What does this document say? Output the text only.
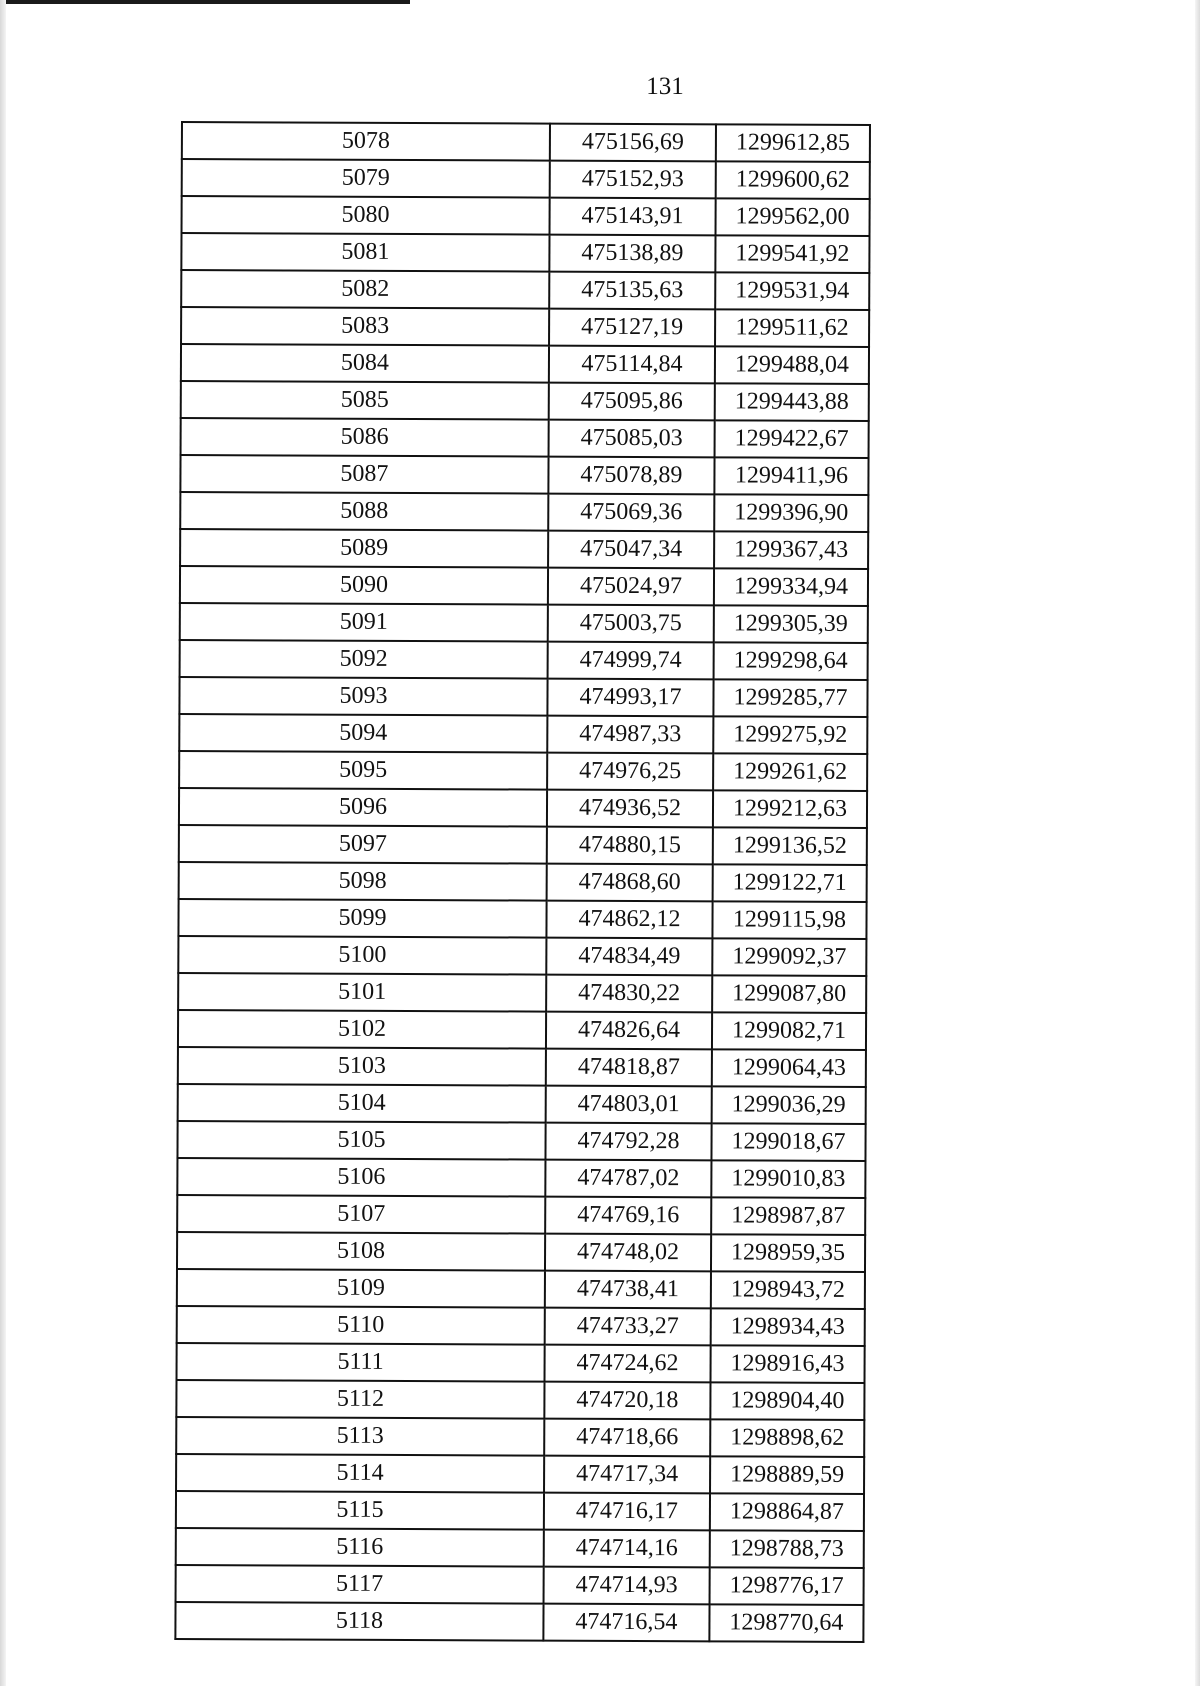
131
5078	475156,69	1299612,85
5079	475152,93	1299600,62
5080	475143,91	1299562,00
5081	475138,89	1299541,92
5082	475135,63	1299531,94
5083	475127,19	1299511,62
5084	475114,84	1299488,04
5085	475095,86	1299443,88
5086	475085,03	1299422,67
5087	475078,89	1299411,96
5088	475069,36	1299396,90
5089	475047,34	1299367,43
5090	475024,97	1299334,94
5091	475003,75	1299305,39
5092	474999,74	1299298,64
5093	474993,17	1299285,77
5094	474987,33	1299275,92
5095	474976,25	1299261,62
5096	474936,52	1299212,63
5097	474880,15	1299136,52
5098	474868,60	1299122,71
5099	474862,12	1299115,98
5100	474834,49	1299092,37
5101	474830,22	1299087,80
5102	474826,64	1299082,71
5103	474818,87	1299064,43
5104	474803,01	1299036,29
5105	474792,28	1299018,67
5106	474787,02	1299010,83
5107	474769,16	1298987,87
5108	474748,02	1298959,35
5109	474738,41	1298943,72
5110	474733,27	1298934,43
5111	474724,62	1298916,43
5112	474720,18	1298904,40
5113	474718,66	1298898,62
5114	474717,34	1298889,59
5115	474716,17	1298864,87
5116	474714,16	1298788,73
5117	474714,93	1298776,17
5118	474716,54	1298770,64
